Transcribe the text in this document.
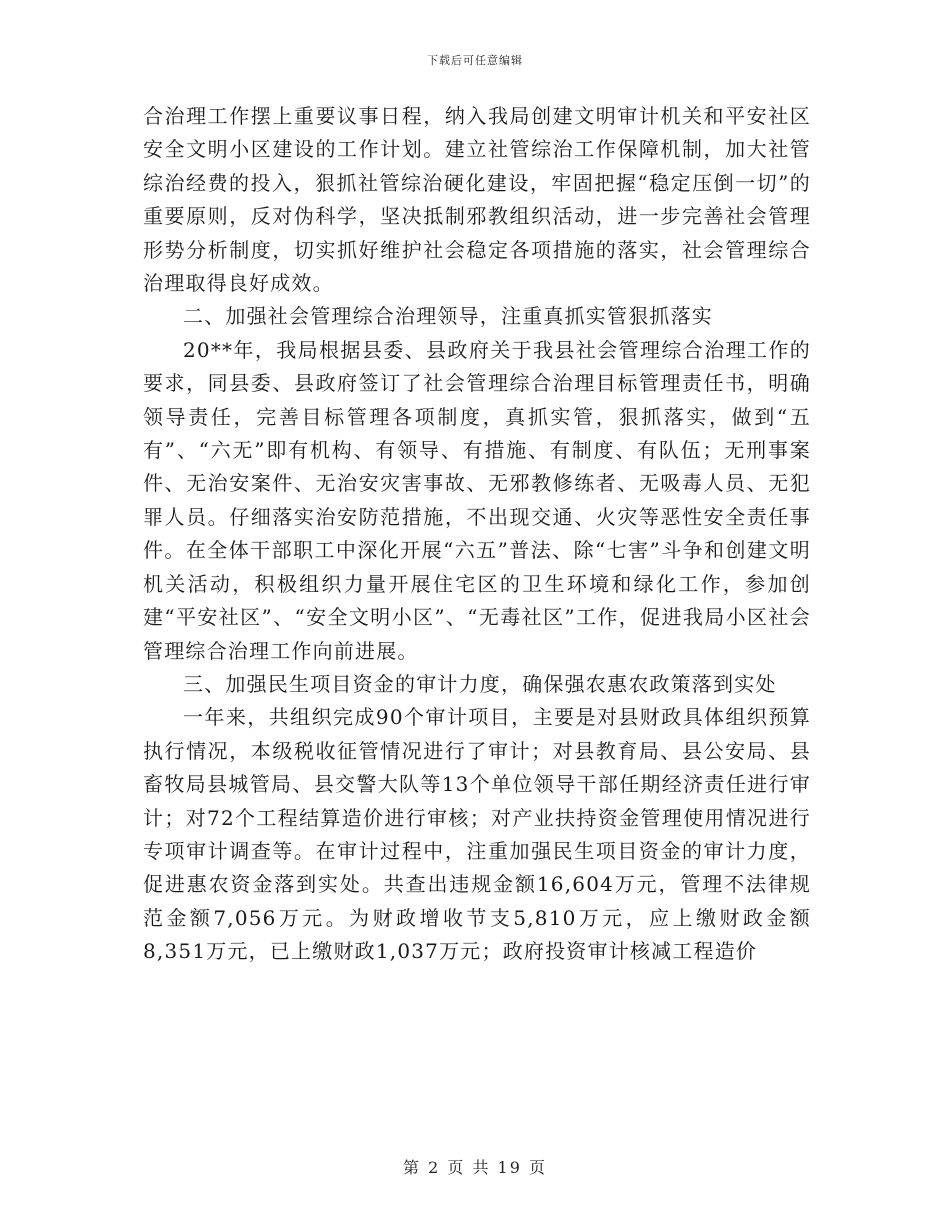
下载后可任意编辑

合治理工作摆上重要议事日程，纳入我局创建文明审计机关和平安社区安全文明小区建设的工作计划。建立社管综治工作保障机制，加大社管综治经费的投入，狠抓社管综治硬化建设，牢固把握“稳定压倒一切”的重要原则，反对伪科学，坚决抵制邪教组织活动，进一步完善社会管理形势分析制度，切实抓好维护社会稳定各项措施的落实，社会管理综合治理取得良好成效。

二、加强社会管理综合治理领导，注重真抓实管狠抓落实

20**年，我局根据县委、县政府关于我县社会管理综合治理工作的要求，同县委、县政府签订了社会管理综合治理目标管理责任书，明确领导责任，完善目标管理各项制度，真抓实管，狠抓落实，做到“五有”、“六无”即有机构、有领导、有措施、有制度、有队伍；无刑事案件、无治安案件、无治安灾害事故、无邪教修练者、无吸毒人员、无犯罪人员。仔细落实治安防范措施，不出现交通、火灾等恶性安全责任事件。在全体干部职工中深化开展“六五”普法、除“七害”斗争和创建文明机关活动，积极组织力量开展住宅区的卫生环境和绿化工作，参加创建“平安社区”、“安全文明小区”、“无毒社区”工作，促进我局小区社会管理综合治理工作向前进展。

三、加强民生项目资金的审计力度，确保强农惠农政策落到实处

一年来，共组织完成90个审计项目，主要是对县财政具体组织预算执行情况，本级税收征管情况进行了审计；对县教育局、县公安局、县畜牧局县城管局、县交警大队等13个单位领导干部任期经济责任进行审计；对72个工程结算造价进行审核；对产业扶持资金管理使用情况进行专项审计调查等。在审计过程中，注重加强民生项目资金的审计力度，促进惠农资金落到实处。共查出违规金额16,604万元，管理不法律规范金额7,056万元。为财政增收节支5,810万元，应上缴财政金额8,351万元，已上缴财政1,037万元；政府投资审计核减工程造价

第 2 页 共 19 页
